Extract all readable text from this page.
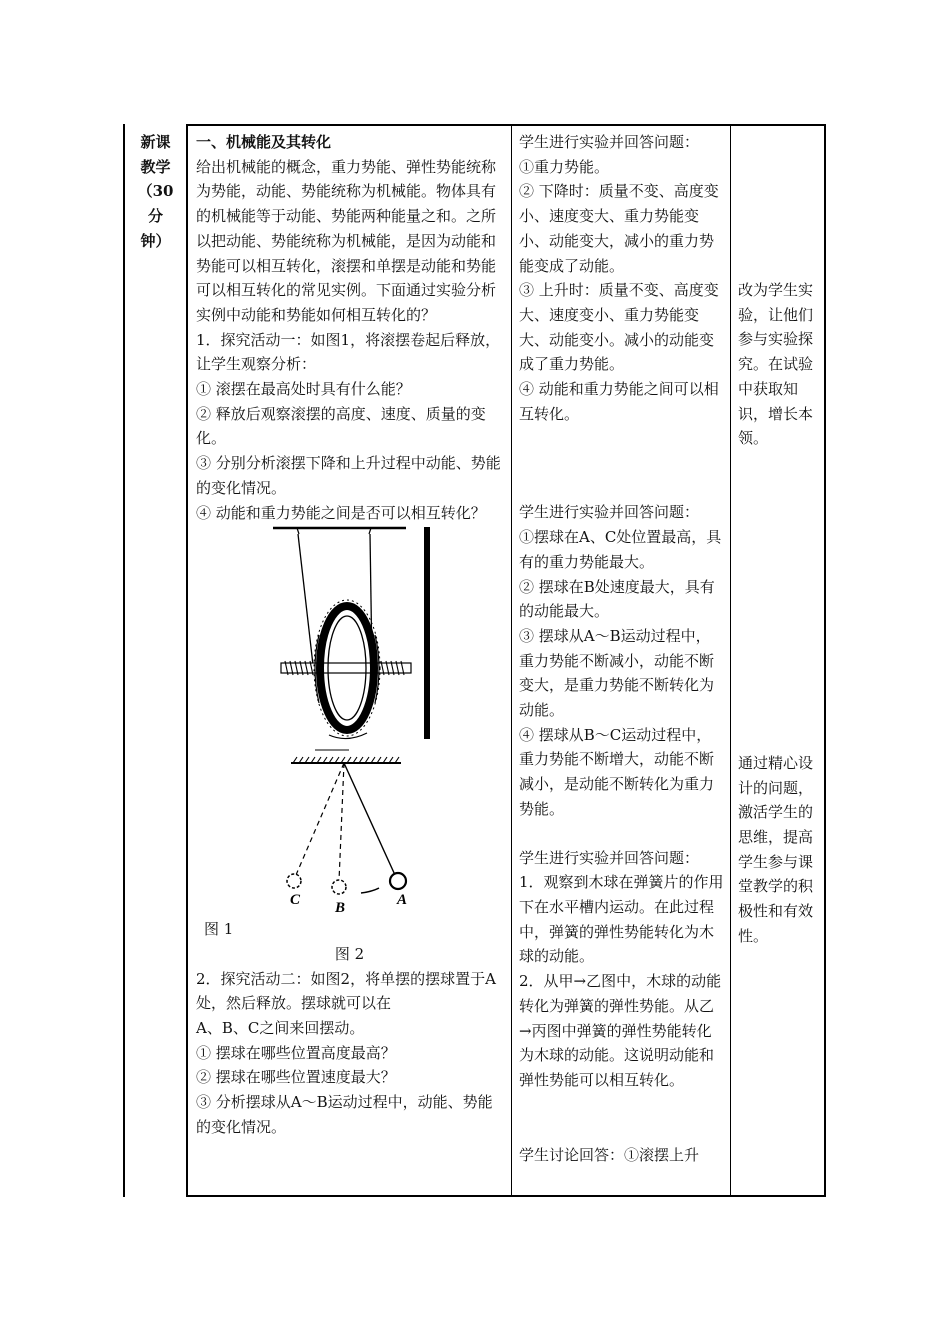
新课
教学
（30
分
钟）
一、机械能及其转化
给出机械能的概念，重力势能、弹性势能统称为势能，动能、势能统称为机械能。物体具有的机械能等于动能、势能两种能量之和。之所以把动能、势能统称为机械能，是因为动能和势能可以相互转化，滚摆和单摆是动能和势能可以相互转化的常见实例。下面通过实验分析实例中动能和势能如何相互转化的？
1．探究活动一：如图1，将滚摆卷起后释放，让学生观察分析：
① 滚摆在最高处时具有什么能？
② 释放后观察滚摆的高度、速度、质量的变化。
③ 分别分析滚摆下降和上升过程中动能、势能的变化情况。
④ 动能和重力势能之间是否可以相互转化？
C B	A
图 1
图 2
2．探究活动二：如图2，将单摆的摆球置于A处，然后释放。摆球就可以在
A、B、C之间来回摆动。
① 摆球在哪些位置高度最高？
② 摆球在哪些位置速度最大？
③ 分析摆球从A～B运动过程中，动能、势能的变化情况。
学生进行实验并回答问题：
①重力势能。
② 下降时：质量不变、高度变小、速度变大、重力势能变小、动能变大，减小的重力势能变成了动能。
③ 上升时：质量不变、高度变大、速度变小、重力势能变大、动能变小。减小的动能变成了重力势能。
④ 动能和重力势能之间可以相互转化。
学生进行实验并回答问题：
①摆球在A、C处位置最高，具有的重力势能最大。
② 摆球在B处速度最大，具有的动能最大。
③ 摆球从A～B运动过程中，重力势能不断减小，动能不断变大，是重力势能不断转化为动能。
④ 摆球从B～C运动过程中，重力势能不断增大，动能不断减小，是动能不断转化为重力势能。
学生进行实验并回答问题：
1．观察到木球在弹簧片的作用下在水平槽内运动。在此过程中，弹簧的弹性势能转化为木球的动能。
2．从甲→乙图中，木球的动能转化为弹簧的弹性势能。从乙→丙图中弹簧的弹性势能转化为木球的动能。这说明动能和弹性势能可以相互转化。
学生讨论回答：①滚摆上升
改为学生实验，让他们参与实验探究。在试验中获取知识，增长本领。
通过精心设计的问题，激活学生的思维，提高学生参与课堂教学的积极性和有效性。
